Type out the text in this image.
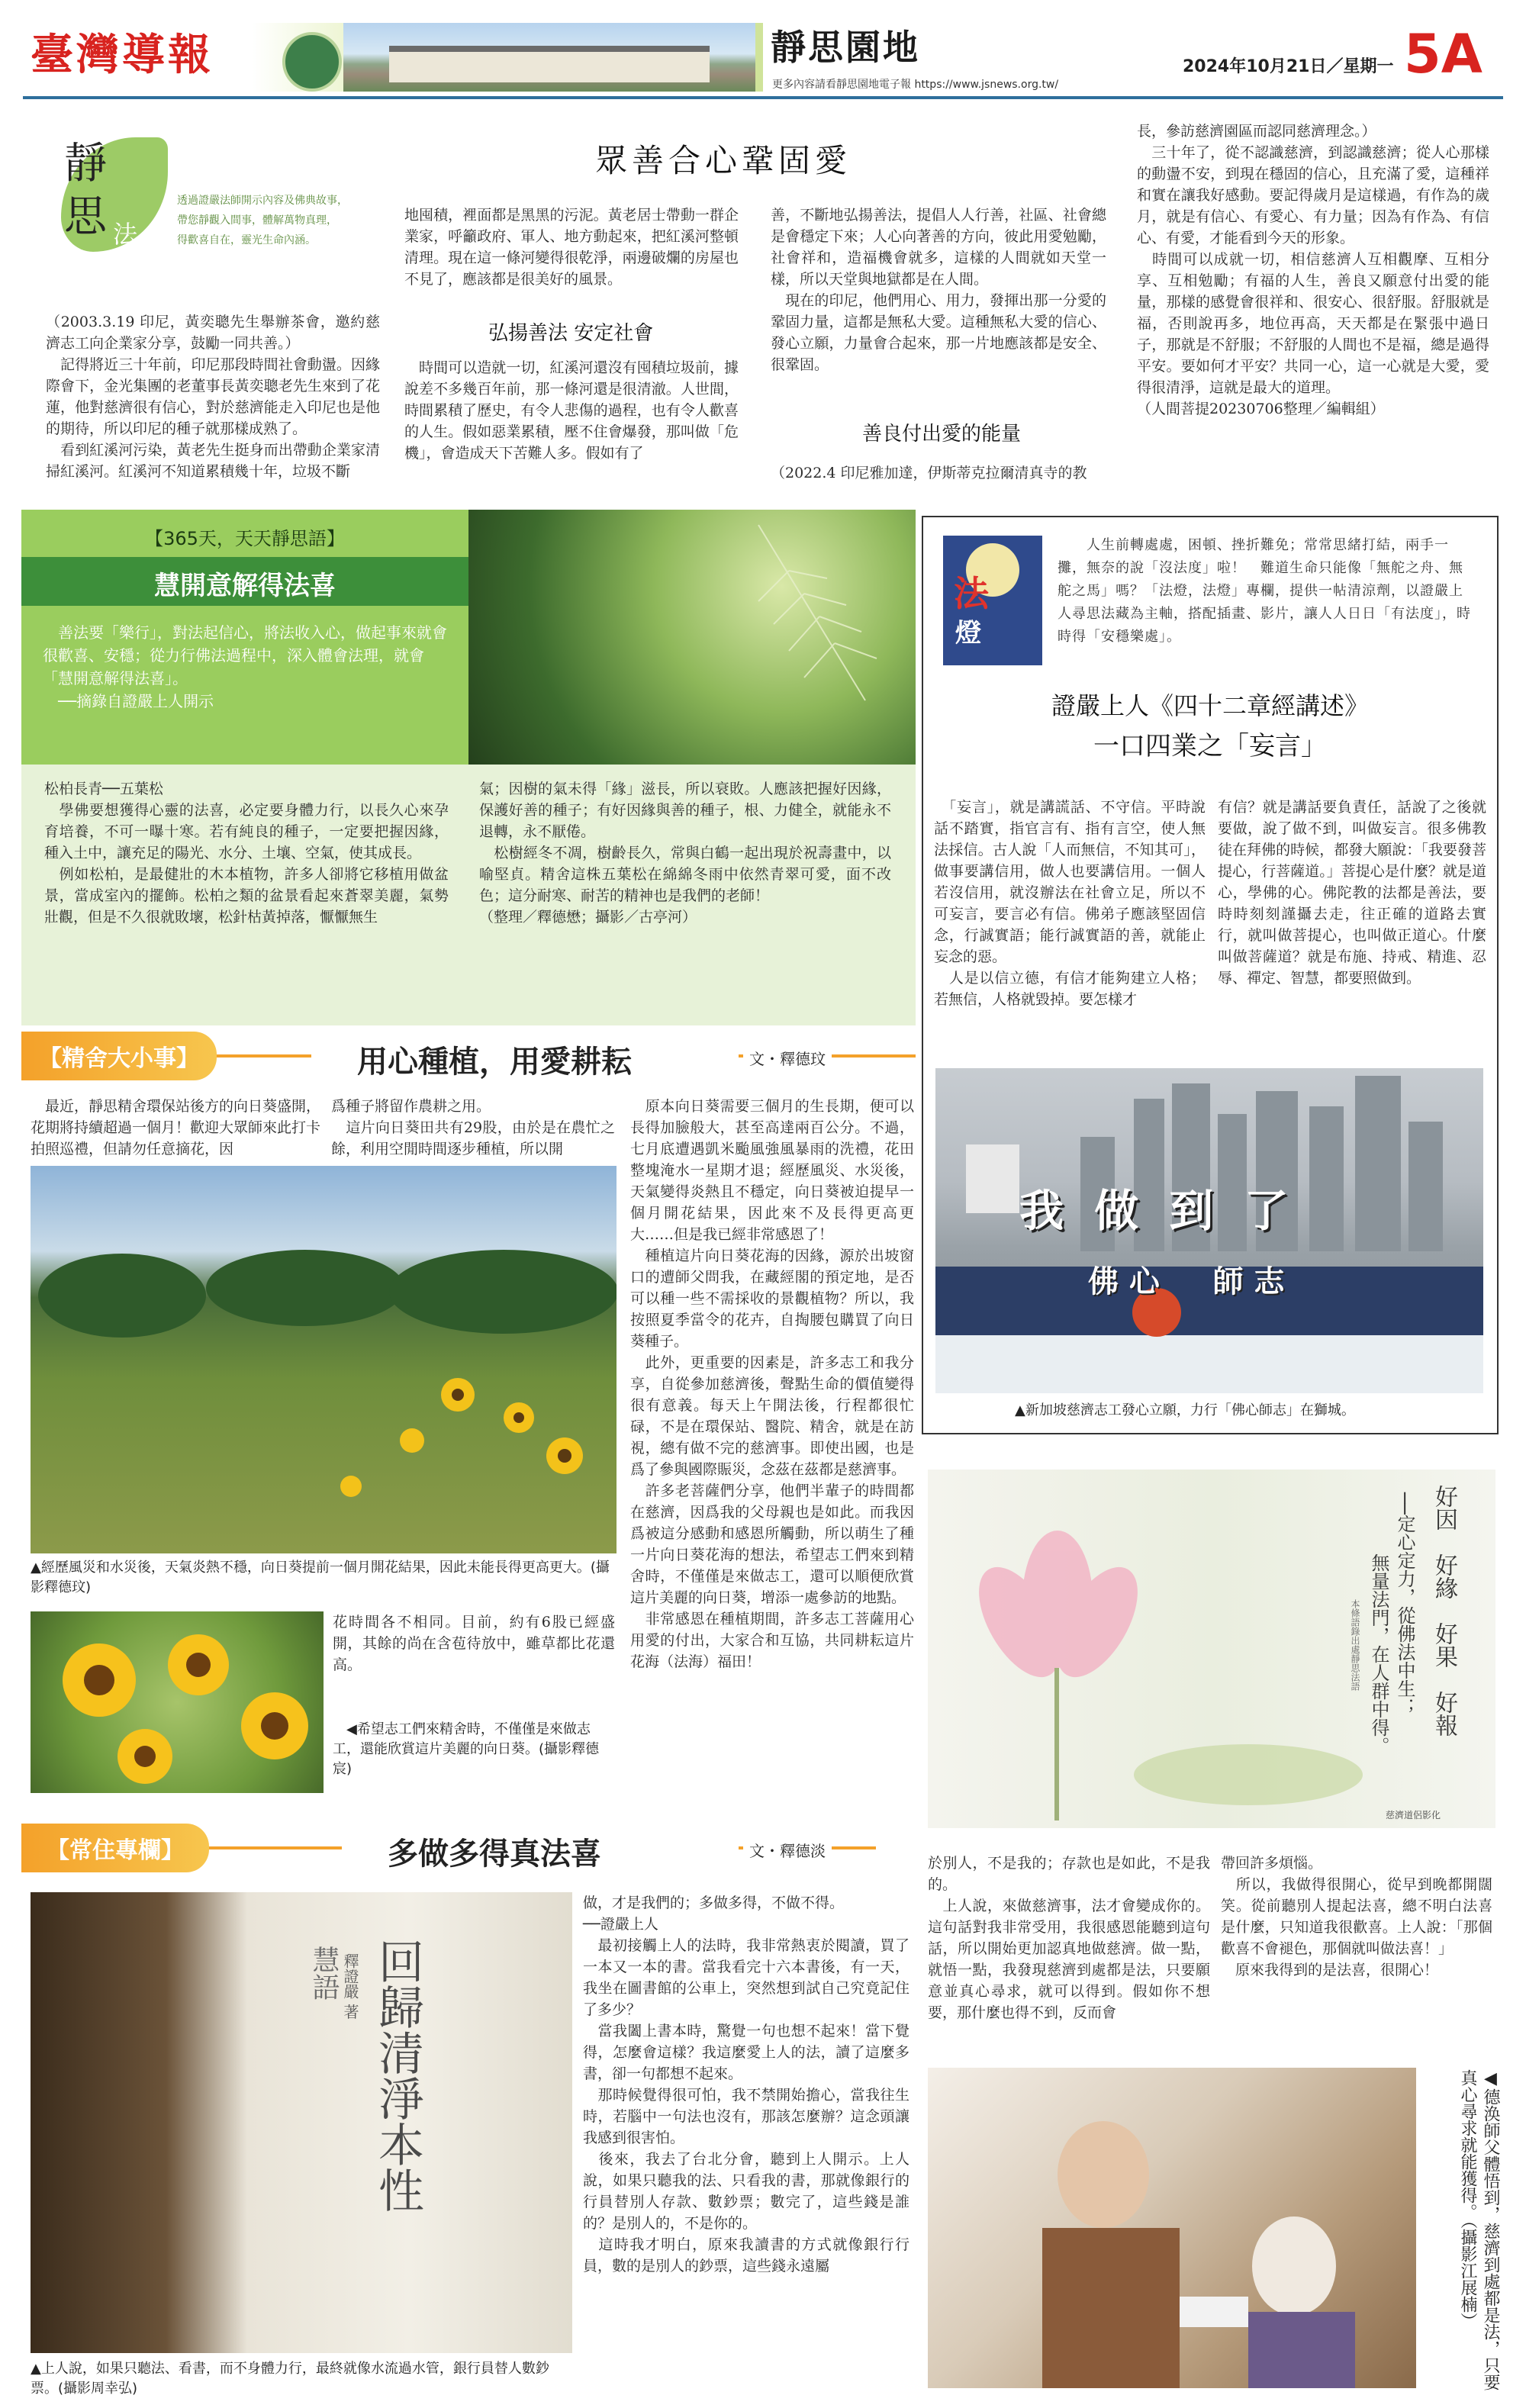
臺灣導報	靜思園地
更多內容請看靜思園地電子報 https://www.jsnews.org.tw/
2024年10月21日／星期一 5A
靜
思 法
語
透過證嚴法師開示內容及佛典故事，
帶您靜觀入間事，體解萬物真理，
得歡喜自在，靈光生命內涵。
眾善合心鞏固愛
（2003.3.19 印尼，黃奕聰先生舉辦茶會，邀約慈濟志工向企業家分享，鼓勵一同共善。）
　記得將近三十年前，印尼那段時間社會動盪。因緣際會下，金光集團的老董事長黃奕聰老先生來到了花蓮，他對慈濟很有信心，對於慈濟能走入印尼也是他的期待，所以印尼的種子就那樣成熟了。
　看到紅溪河污染，黃老先生挺身而出帶動企業家清掃紅溪河。紅溪河不知道累積幾十年，垃圾不斷
地囤積，裡面都是黑黑的污泥。黃老居士帶動一群企業家，呼籲政府、軍人、地方動起來，把紅溪河整頓清理。現在這一條河變得很乾淨，兩邊破爛的房屋也不見了，應該都是很美好的風景。
弘揚善法 安定社會
　時間可以造就一切，紅溪河還沒有囤積垃圾前，據說差不多幾百年前，那一條河還是很清澈。人世間，時間累積了歷史，有令人悲傷的過程，也有令人歡喜的人生。假如惡業累積，壓不住會爆發，那叫做「危機」，會造成天下苦難人多。假如有了
善，不斷地弘揚善法，提倡人人行善，社區、社會總是會穩定下來；人心向著善的方向，彼此用愛勉勵，社會祥和，造福機會就多，這樣的人間就如天堂一樣，所以天堂與地獄都是在人間。
　現在的印尼，他們用心、用力，發揮出那一分愛的鞏固力量，這都是無私大愛。這種無私大愛的信心、發心立願，力量會合起來，那一片地應該都是安全、很鞏固。
善良付出愛的能量
（2022.4 印尼雅加達，伊斯蒂克拉爾清真寺的教
長，參訪慈濟園區而認同慈濟理念。）
　三十年了，從不認識慈濟，到認識慈濟；從人心那樣的動盪不安，到現在穩固的信心，且充滿了愛，這種祥和實在讓我好感動。要記得歲月是這樣過，有作為的歲月，就是有信心、有愛心、有力量；因為有作為、有信心、有愛，才能看到今天的形象。
　時間可以成就一切，相信慈濟人互相觀摩、互相分享、互相勉勵；有福的人生，善良又願意付出愛的能量，那樣的感覺會很祥和、很安心、很舒服。舒服就是福，否則說再多，地位再高，天天都是在緊張中過日子，那就是不舒服；不舒服的人間也不是福，總是過得平安。要如何才平安？共同一心，這一心就是大愛，愛得很清淨，這就是最大的道理。
（人間菩提20230706整理／編輯組）
【365天，天天靜思語】
慧開意解得法喜
　善法要「樂行」，對法起信心，將法收入心，做起事來就會很歡喜、安穩；從力行佛法過程中，深入體會法理，就會「慧開意解得法喜」。
　──摘錄自證嚴上人開示
松柏長青──五葉松
　學佛要想獲得心靈的法喜，必定要身體力行，以長久心來孕育培養，不可一曝十寒。若有純良的種子，一定要把握因緣，種入土中，讓充足的陽光、水分、土壤、空氣，使其成長。
　例如松柏，是最健壯的木本植物，許多人卻將它移植用做盆景，當成室內的擺飾。松柏之類的盆景看起來蒼翠美麗，氣勢壯觀，但是不久很就敗壞，松針枯黃掉落，懨懨無生
氣；因樹的氣未得「緣」滋長，所以衰敗。人應該把握好因緣，保護好善的種子；有好因緣與善的種子，根、力健全，就能永不退轉，永不厭倦。
　松樹經冬不凋，樹齡長久，常與白鶴一起出現於祝壽畫中，以喻堅貞。精舍這株五葉松在綿綿冬雨中依然青翠可愛，面不改色；這分耐寒、耐苦的精神也是我們的老師！
（整理／釋德懋；攝影／古亭河）
法
燈
　　人生前轉處處，困頓、挫折難免；常常思緒打結，兩手一攤，無奈的說「沒法度」啦！　難道生命只能像「無舵之舟、無舵之馬」嗎？「法燈，法燈」專欄，提供一帖清涼劑，以證嚴上人尋思法藏為主軸，搭配插畫、影片，讓人人日日「有法度」，時時得「安穩樂處」。
證嚴上人《四十二章經講述》
一口四業之「妄言」
　「妄言」，就是講謊話、不守信。平時說話不踏實，指官言有、指有言空，使人無法採信。古人說「人而無信，不知其可」，做事要講信用，做人也要講信用。一個人若沒信用，就沒辦法在社會立足，所以不可妄言，要言必有信。佛弟子應該堅固信念，行誠實語；能行誠實語的善，就能止妄念的惡。
　人是以信立德，有信才能夠建立人格；若無信，人格就毀掉。要怎樣才
有信？就是講話要負責任，話說了之後就要做，說了做不到，叫做妄言。很多佛教徒在拜佛的時候，都發大願說：「我要發菩提心，行菩薩道。」菩提心是什麼？就是道心，學佛的心。佛陀教的法都是善法，要時時刻刻謹攝去走，往正確的道路去實行，就叫做菩提心，也叫做正道心。什麼叫做菩薩道？就是布施、持戒、精進、忍辱、禪定、智慧，都要照做到。
我 做 到 了
佛 心     師 志
▲新加坡慈濟志工發心立願，力行「佛心師志」在獅城。
【精舍大小事】	用心種植，用愛耕耘	文・釋德玟
　最近，靜思精舍環保站後方的向日葵盛開，花期將持續超過一個月！歡迎大眾師來此打卡拍照巡禮，但請勿任意摘花，因
爲種子將留作農耕之用。
　這片向日葵田共有29股，由於是在農忙之餘，利用空閒時間逐步種植，所以開
▲經歷風災和水災後，天氣炎熱不穩，向日葵提前一個月開花結果，因此未能長得更高更大。(攝影釋德玟)
花時間各不相同。目前，約有6股已經盛開，其餘的尚在含苞待放中，雖草都比花還高。
　◀希望志工們來精舍時，不僅僅是來做志工，還能欣賞這片美麗的向日葵。(攝影釋德宸)
　原本向日葵需要三個月的生長期，便可以長得加臉般大，甚至高達兩百公分。不過，七月底遭遇凱米颱風強風暴雨的洗禮，花田整塊淹水一星期才退；經歷風災、水災後，天氣變得炎熱且不穩定，向日葵被迫提早一個月開花結果，因此來不及長得更高更大……但是我已經非常感恩了！
　種植這片向日葵花海的因緣，源於出坡窗口的遭師父問我，在藏經閣的預定地，是否可以種一些不需採收的景觀植物？所以，我按照夏季當令的花卉，自掏腰包購買了向日葵種子。
　此外，更重要的因素是，許多志工和我分享，自從參加慈濟後，聲點生命的價值變得很有意義。每天上午開法後，行程都很忙碌，不是在環保站、醫院、精舍，就是在訪視，總有做不完的慈濟事。即使出國，也是爲了參與國際賑災，念茲在茲都是慈濟事。
　許多老菩薩們分享，他們半輩子的時間都在慈濟，因爲我的父母親也是如此。而我因爲被這分感動和感恩所觸動，所以萌生了種一片向日葵花海的想法，希望志工們來到精舍時，不僅僅是來做志工，還可以順便欣賞這片美麗的向日葵，增添一處參訪的地點。
　非常感恩在種植期間，許多志工菩薩用心用愛的付出，大家合和互協，共同耕耘這片花海（法海）福田！	好因　好緣　好果　好報
──定心定力，從佛法中生；
無量法門，在人群中得。
本條語錄出處靜思法語
慈濟道侶影化
【常住專欄】	多做多得真法喜	文・釋德淡
慧語 回歸清淨本性
釋證嚴 著
▲上人說，如果只聽法、看書，而不身體力行，最終就像水流過水管，銀行員替人數鈔票。(攝影周幸弘)
做，才是我們的；多做多得，不做不得。
──證嚴上人
　最初接觸上人的法時，我非常熱衷於閱讀，買了一本又一本的書。當我看完十六本書後，有一天，我坐在圖書館的公車上，突然想到試自己究竟記住了多少？
　當我闔上書本時，驚覺一句也想不起來！當下覺得，怎麼會這樣？我這麼愛上人的法，讀了這麼多書，卻一句都想不起來。
　那時候覺得很可怕，我不禁開始擔心，當我往生時，若腦中一句法也沒有，那該怎麼辦？這念頭讓我感到很害怕。
　後來，我去了台北分會，聽到上人開示。上人說，如果只聽我的法、只看我的書，那就像銀行的行員替別人存款、數鈔票；數完了，這些錢是誰的？是別人的，不是你的。
　這時我才明白，原來我讀書的方式就像銀行行員，數的是別人的鈔票，這些錢永遠屬
於別人，不是我的；存款也是如此，不是我的。
　上人說，來做慈濟事，法才會變成你的。這句話對我非常受用，我很感恩能聽到這句話，所以開始更加認真地做慈濟。做一點，就悟一點，我發現慈濟到處都是法，只要願意並真心尋求，就可以得到。假如你不想要，那什麼也得不到，反而會
帶回許多煩惱。
　所以，我做得很開心，從早到晚都開闊笑。從前聽別人提起法喜，總不明白法喜是什麼，只知道我很歡喜。上人說：「那個歡喜不會褪色，那個就叫做法喜！」
　原來我得到的是法喜，很開心！
◀德涣師父體悟到，慈濟到處都是法，只要真心尋求就能獲得。（攝影江展楠）
